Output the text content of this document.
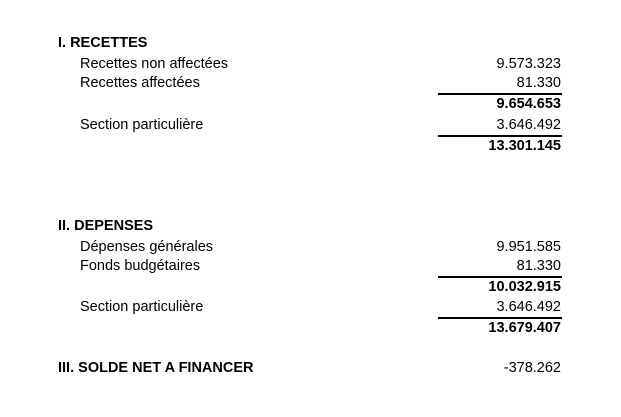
I. RECETTES
Recettes non affectées	9.573.323
Recettes affectées	81.330
9.654.653
Section particulière	3.646.492
13.301.145
II. DEPENSES
Dépenses générales	9.951.585
Fonds budgétaires	81.330
10.032.915
Section particulière	3.646.492
13.679.407
III. SOLDE NET A FINANCER	-378.262
